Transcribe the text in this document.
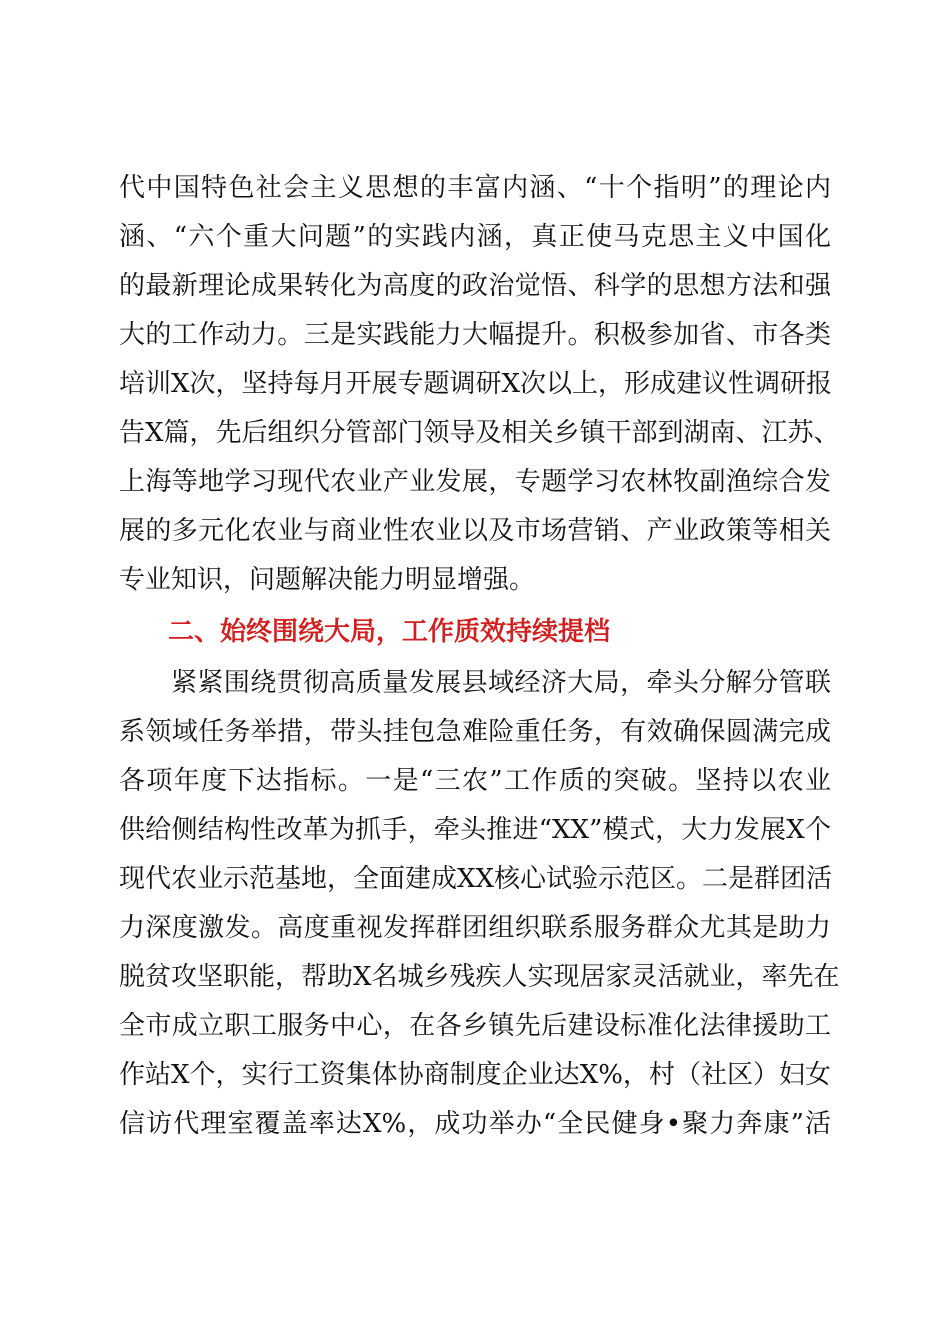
代中国特色社会主义思想的丰富内涵、“十个指明”的理论内
涵、“六个重大问题”的实践内涵，真正使马克思主义中国化
的最新理论成果转化为高度的政治觉悟、科学的思想方法和强
大的工作动力。三是实践能力大幅提升。积极参加省、市各类
培训X次，坚持每月开展专题调研X次以上，形成建议性调研报
告X篇，先后组织分管部门领导及相关乡镇干部到湖南、江苏、
上海等地学习现代农业产业发展，专题学习农林牧副渔综合发
展的多元化农业与商业性农业以及市场营销、产业政策等相关
专业知识，问题解决能力明显增强。
二、始终围绕大局，工作质效持续提档
紧紧围绕贯彻高质量发展县域经济大局，牵头分解分管联
系领域任务举措，带头挂包急难险重任务，有效确保圆满完成
各项年度下达指标。一是“三农”工作质的突破。坚持以农业
供给侧结构性改革为抓手，牵头推进“XX”模式，大力发展X个
现代农业示范基地，全面建成XX核心试验示范区。二是群团活
力深度激发。高度重视发挥群团组织联系服务群众尤其是助力
脱贫攻坚职能，帮助X名城乡残疾人实现居家灵活就业，率先在
全市成立职工服务中心，在各乡镇先后建设标准化法律援助工
作站X个，实行工资集体协商制度企业达X%，村（社区）妇女
信访代理室覆盖率达X%，成功举办“全民健身•聚力奔康”活
